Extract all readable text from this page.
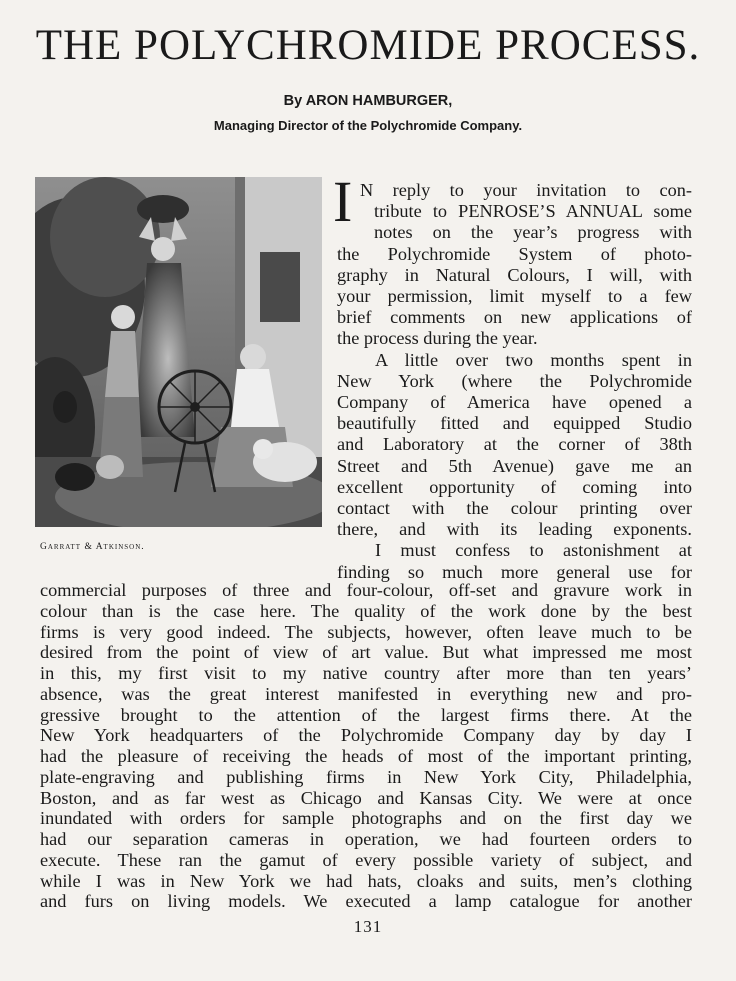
THE POLYCHROMIDE PROCESS.
By ARON HAMBURGER,
Managing Director of the Polychromide Company.
Garratt & Atkinson.
I N reply to your invitation to con-
tribute to PENROSE’S ANNUAL some
notes on the year’s progress with
the Polychromide System of photo-
graphy in Natural Colours, I will, with
your permission, limit myself to a few
brief comments on new applications of
the process during the year.
A little over two months spent in
New York (where the Polychromide
Company of America have opened a
beautifully fitted and equipped Studio
and Laboratory at the corner of 38th
Street and 5th Avenue) gave me an
excellent opportunity of coming into
contact with the colour printing over
there, and with its leading exponents.
I must confess to astonishment at
finding so much more general use for
commercial purposes of three and four-colour, off-set and gravure work in
colour than is the case here. The quality of the work done by the best
firms is very good indeed. The subjects, however, often leave much to be
desired from the point of view of art value. But what impressed me most
in this, my first visit to my native country after more than ten years’
absence, was the great interest manifested in everything new and pro-
gressive brought to the attention of the largest firms there. At the
New York headquarters of the Polychromide Company day by day I
had the pleasure of receiving the heads of most of the important printing,
plate-engraving and publishing firms in New York City, Philadelphia,
Boston, and as far west as Chicago and Kansas City. We were at once
inundated with orders for sample photographs and on the first day we
had our separation cameras in operation, we had fourteen orders to
execute. These ran the gamut of every possible variety of subject, and
while I was in New York we had hats, cloaks and suits, men’s clothing
and furs on living models. We executed a lamp catalogue for another
131
